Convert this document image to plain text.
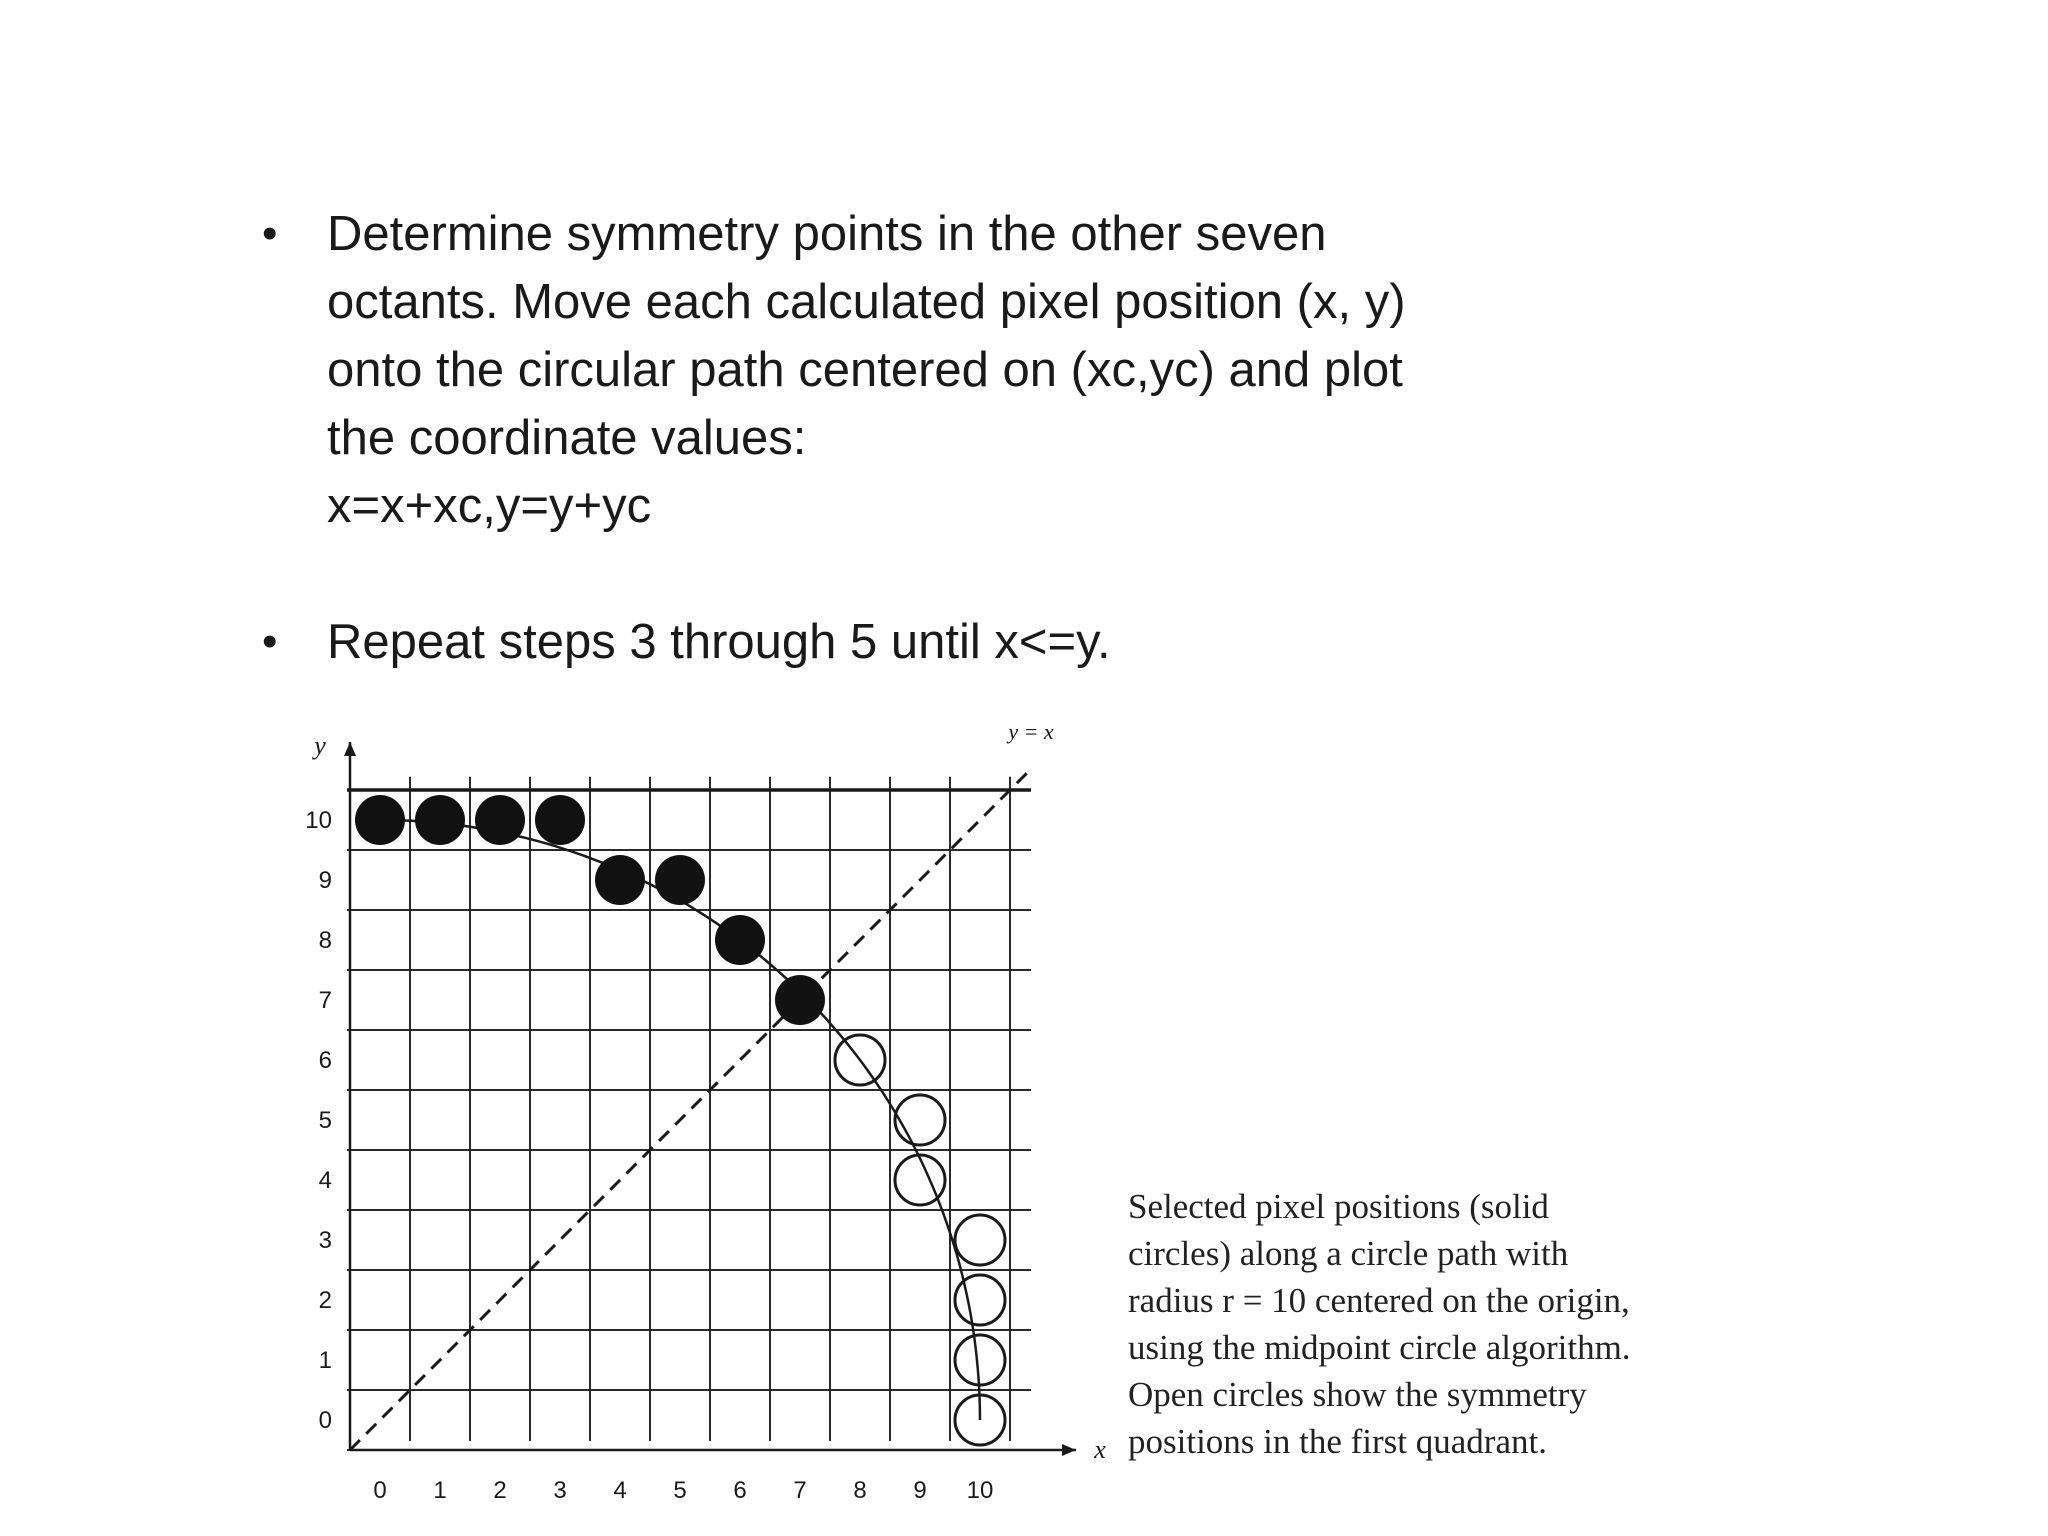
• Determine symmetry points in the other seven
octants. Move each calculated pixel position (x, y)
onto the circular path centered on (xc,yc) and plot
the coordinate values:
x=x+xc,y=y+yc
• Repeat steps 3 through 5 until x<=y.
0 1 2 3 4 5 6 7 8 9 10
0
1
2
3
4
5
6
7
8
9
10
x
y	y = x
Selected pixel positions (solid
circles) along a circle path with
radius r = 10 centered on the origin,
using the midpoint circle algorithm.
Open circles show the symmetry
positions in the first quadrant.
